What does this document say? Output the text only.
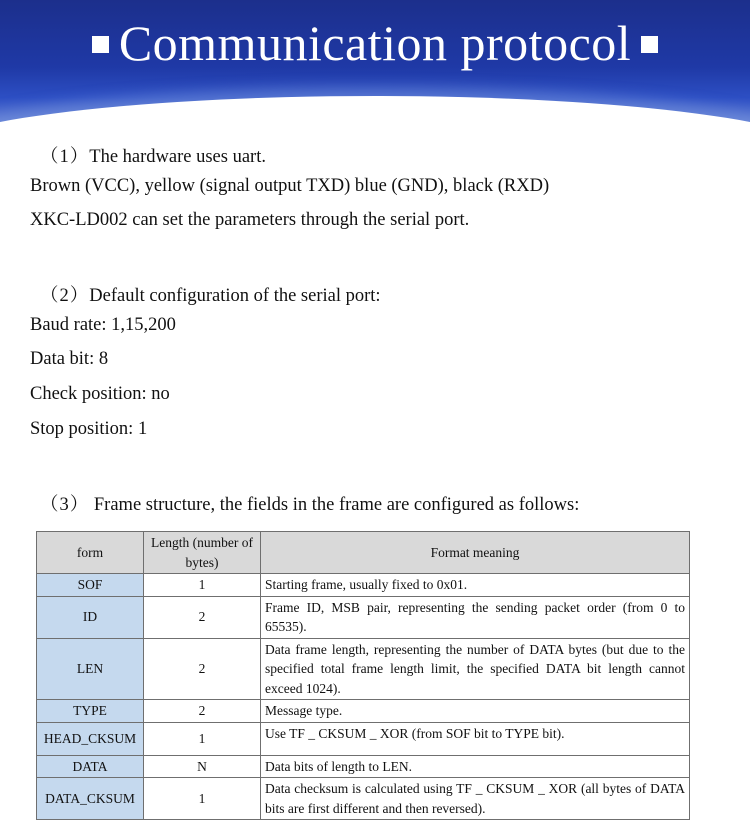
Communication protocol
（1）The hardware uses uart.
Brown (VCC), yellow (signal output TXD) blue (GND), black (RXD)
XKC-LD002 can set the parameters through the serial port.
（2）Default configuration of the serial port:
Baud rate: 1,15,200
Data bit: 8
Check position: no
Stop position: 1
（3） Frame structure, the fields in the frame are configured as follows:
form	Length (number of bytes)	Format meaning
SOF	1	Starting frame, usually fixed to 0x01.
ID	2	Frame ID, MSB pair, representing the sending packet order (from 0 to 65535).
LEN	2	Data frame length, representing the number of DATA bytes (but due to the specified total frame length limit, the specified DATA bit length cannot exceed 1024).
TYPE	2	Message type.
HEAD_CKSUM	1	Use TF _ CKSUM _ XOR (from SOF bit to TYPE bit).
DATA	N	Data bits of length to LEN.
DATA_CKSUM	1	Data checksum is calculated using TF _ CKSUM _ XOR (all bytes of DATA bits are first different and then reversed).
